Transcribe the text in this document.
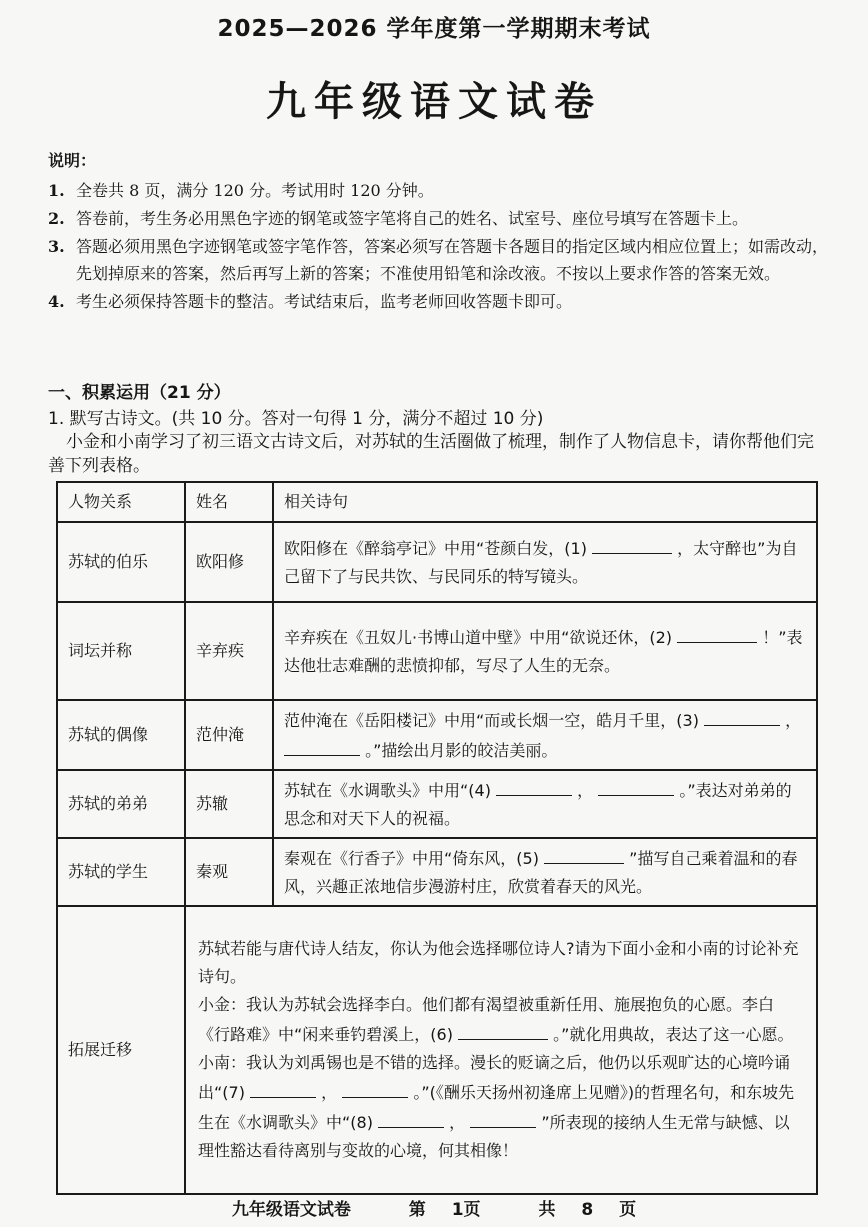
2025—2026 学年度第一学期期末考试
九年级语文试卷
说明：
1. 全卷共 8 页，满分 120 分。考试用时 120 分钟。
2. 答卷前，考生务必用黑色字迹的钢笔或签字笔将自己的姓名、试室号、座位号填写在答题卡上。
3. 答题必须用黑色字迹钢笔或签字笔作答，答案必须写在答题卡各题目的指定区域内相应位置上；如需改动，先划掉原来的答案，然后再写上新的答案；不准使用铅笔和涂改液。不按以上要求作答的答案无效。
4. 考生必须保持答题卡的整洁。考试结束后，监考老师回收答题卡即可。
一、积累运用（21 分）
1. 默写古诗文。(共 10 分。答对一句得 1 分，满分不超过 10 分)
小金和小南学习了初三语文古诗文后，对苏轼的生活圈做了梳理，制作了人物信息卡，请你帮他们完善下列表格。
人物关系	姓名	相关诗句
苏轼的伯乐	欧阳修	欧阳修在《醉翁亭记》中用“苍颜白发，(1) ，太守醉也”为自己留下了与民共饮、与民同乐的特写镜头。
词坛并称	辛弃疾	辛弃疾在《丑奴儿·书博山道中壁》中用“欲说还休，(2) ！”表达他壮志难酬的悲愤抑郁，写尽了人生的无奈。
苏轼的偶像	范仲淹	范仲淹在《岳阳楼记》中用“而或长烟一空，皓月千里，(3) ，  。”描绘出月影的皎洁美丽。
苏轼的弟弟	苏辙	苏轼在《水调歌头》中用“(4) ， 。”表达对弟弟的思念和对天下人的祝福。
苏轼的学生	秦观	秦观在《行香子》中用“倚东风，(5) ”描写自己乘着温和的春风，兴趣正浓地信步漫游村庄，欣赏着春天的风光。
拓展迁移	苏轼若能与唐代诗人结友，你认为他会选择哪位诗人?请为下面小金和小南的讨论补充诗句。
小金：我认为苏轼会选择李白。他们都有渴望被重新任用、施展抱负的心愿。李白《行路难》中“闲来垂钓碧溪上，(6) 。”就化用典故，表达了这一心愿。
小南：我认为刘禹锡也是不错的选择。漫长的贬谪之后，他仍以乐观旷达的心境吟诵出“(7) ， 。”(《酬乐天扬州初逢席上见赠》)的哲理名句，和东坡先生在《水调歌头》中“(8) ， ”所表现的接纳人生无常与缺憾、以理性豁达看待离别与变故的心境，何其相像！	
九年级语文试卷	第 1页	共 8 页
